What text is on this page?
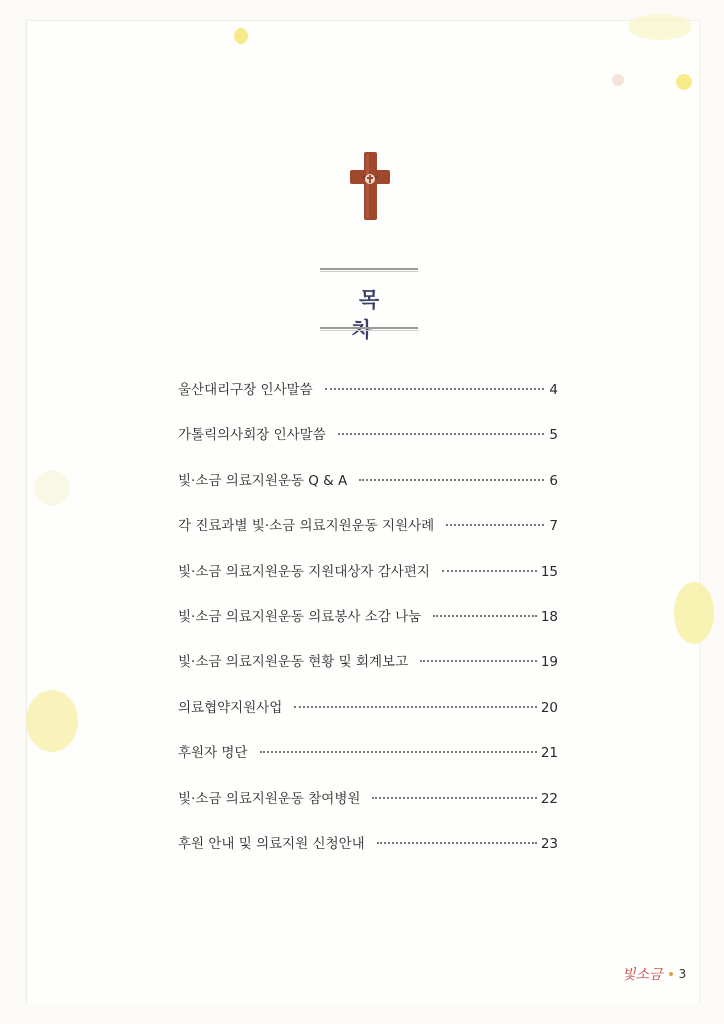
목
울산대리구장 인사말씀	4
가톨릭의사회장 인사말씀	5
빛·소금 의료지원운동 Q & A	6
각 진료과별 빛·소금 의료지원운동 지원사례	7
빛·소금 의료지원운동 지원대상자 감사편지	15
빛·소금 의료지원운동 의료봉사 소감 나눔	18
빛·소금 의료지원운동 현황 및 회계보고	19
의료협약지원사업	20
후원자 명단	21
빛·소금 의료지원운동 참여병원	22
후원 안내 및 의료지원 신청안내	23
빛소금 3
